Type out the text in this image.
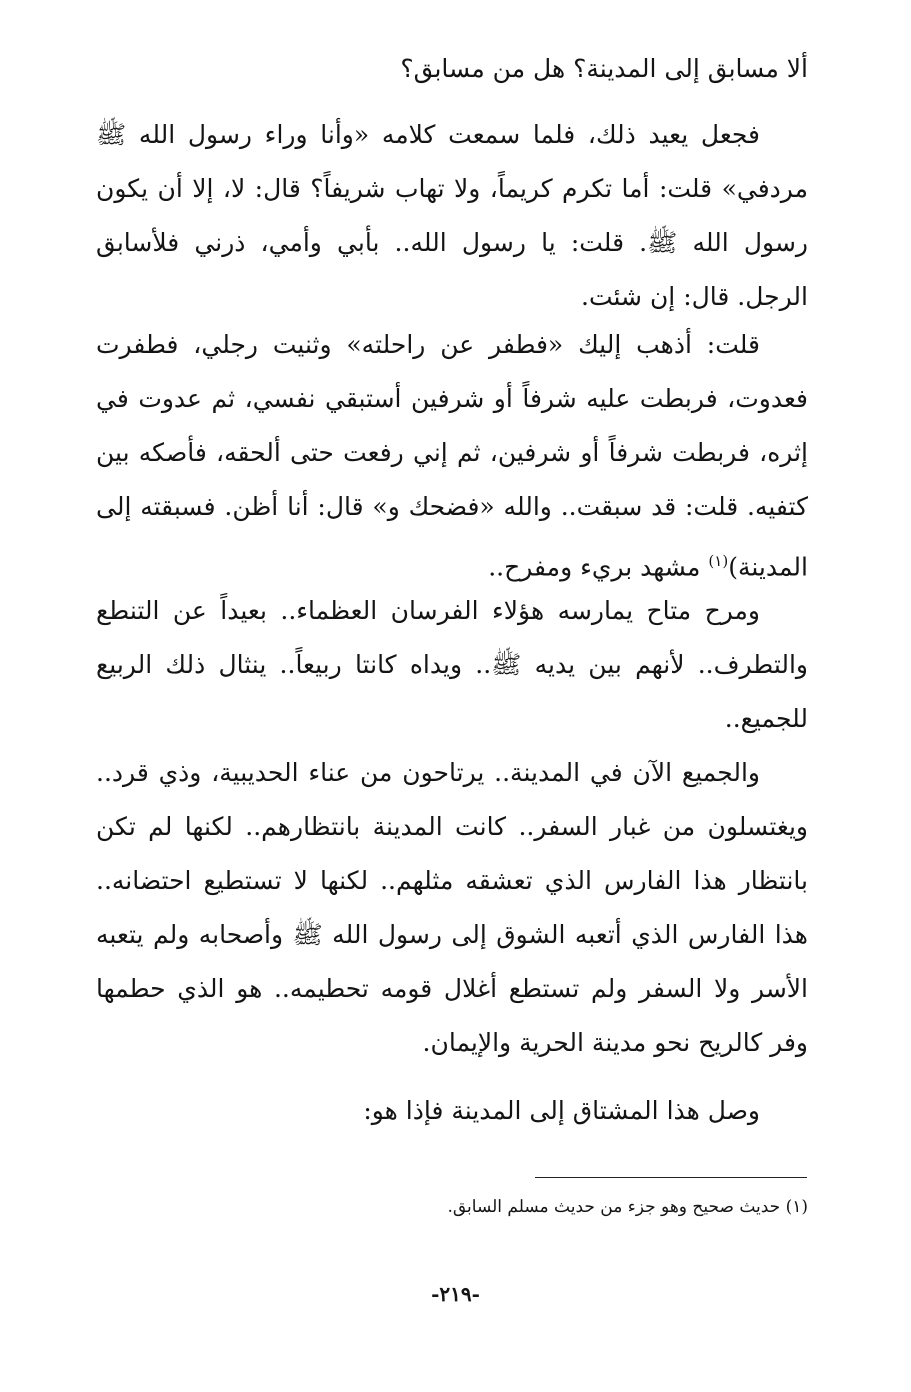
ألا مسابق إلى المدينة؟ هل من مسابق؟

فجعل يعيد ذلك، فلما سمعت كلامه «وأنا وراء رسول الله ﷺ مردفي» قلت: أما تكرم كريماً، ولا تهاب شريفاً؟ قال: لا، إلا أن يكون رسول الله ﷺ. قلت: يا رسول الله.. بأبي وأمي، ذرني فلأسابق الرجل. قال: إن شئت.

قلت: أذهب إليك «فطفر عن راحلته» وثنيت رجلي، فطفرت فعدوت، فربطت عليه شرفاً أو شرفين أستبقي نفسي، ثم عدوت في إثره، فربطت شرفاً أو شرفين، ثم إني رفعت حتى ألحقه، فأصكه بين كتفيه. قلت: قد سبقت.. والله «فضحك و» قال: أنا أظن. فسبقته إلى المدينة)$^{(١)}$ مشهد بريء ومفرح..

ومرح متاح يمارسه هؤلاء الفرسان العظماء.. بعيداً عن التنطع والتطرف.. لأنهم بين يديه ﷺ.. ويداه كانتا ربيعاً.. ينثال ذلك الربيع للجميع..

والجميع الآن في المدينة.. يرتاحون من عناء الحديبية، وذي قرد.. ويغتسلون من غبار السفر.. كانت المدينة بانتظارهم.. لكنها لم تكن بانتظار هذا الفارس الذي تعشقه مثلهم.. لكنها لا تستطيع احتضانه.. هذا الفارس الذي أتعبه الشوق إلى رسول الله ﷺ وأصحابه ولم يتعبه الأسر ولا السفر ولم تستطع أغلال قومه تحطيمه.. هو الذي حطمها وفر كالريح نحو مدينة الحرية والإيمان.

وصل هذا المشتاق إلى المدينة فإذا هو:

(١) حديث صحيح وهو جزء من حديث مسلم السابق.
-٢١٩-
